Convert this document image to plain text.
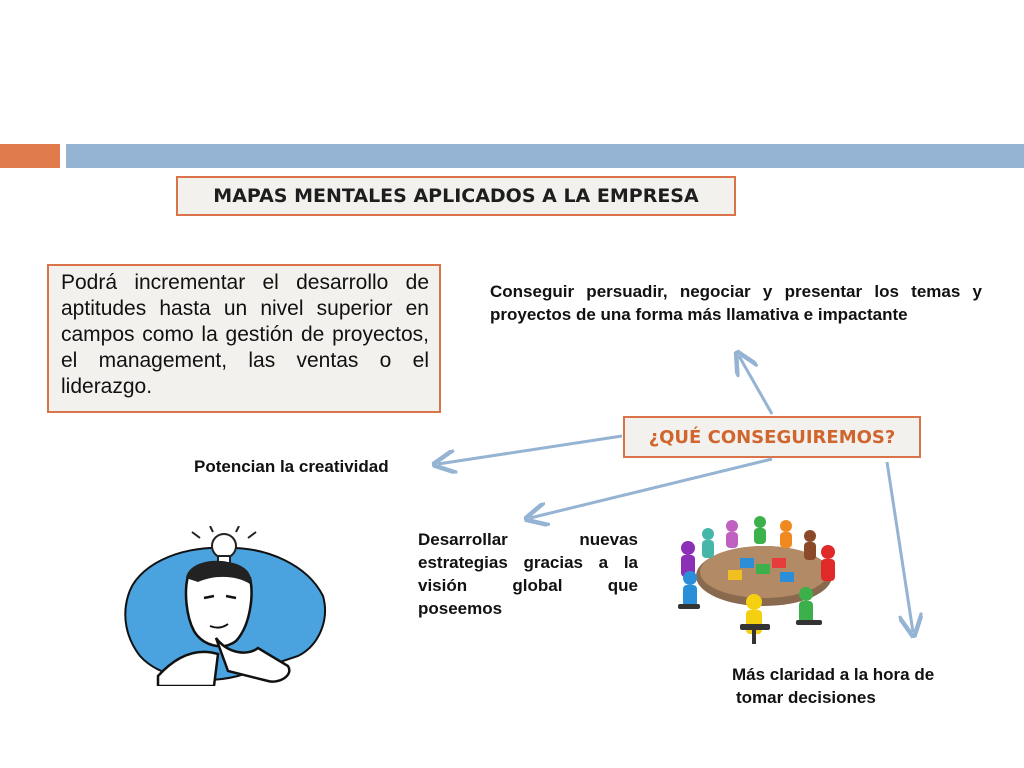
MAPAS MENTALES APLICADOS A LA EMPRESA
Podrá incrementar el desarrollo de aptitudes hasta un nivel superior en campos como la gestión de proyectos, el management, las ventas o el liderazgo.
Conseguir persuadir, negociar y presentar los temas y proyectos de una forma más llamativa e impactante
¿QUÉ CONSEGUIREMOS?
Potencian la creatividad
Desarrollar nuevas estrategias gracias a la visión global que poseemos
Más claridad a la hora de
tomar decisiones
